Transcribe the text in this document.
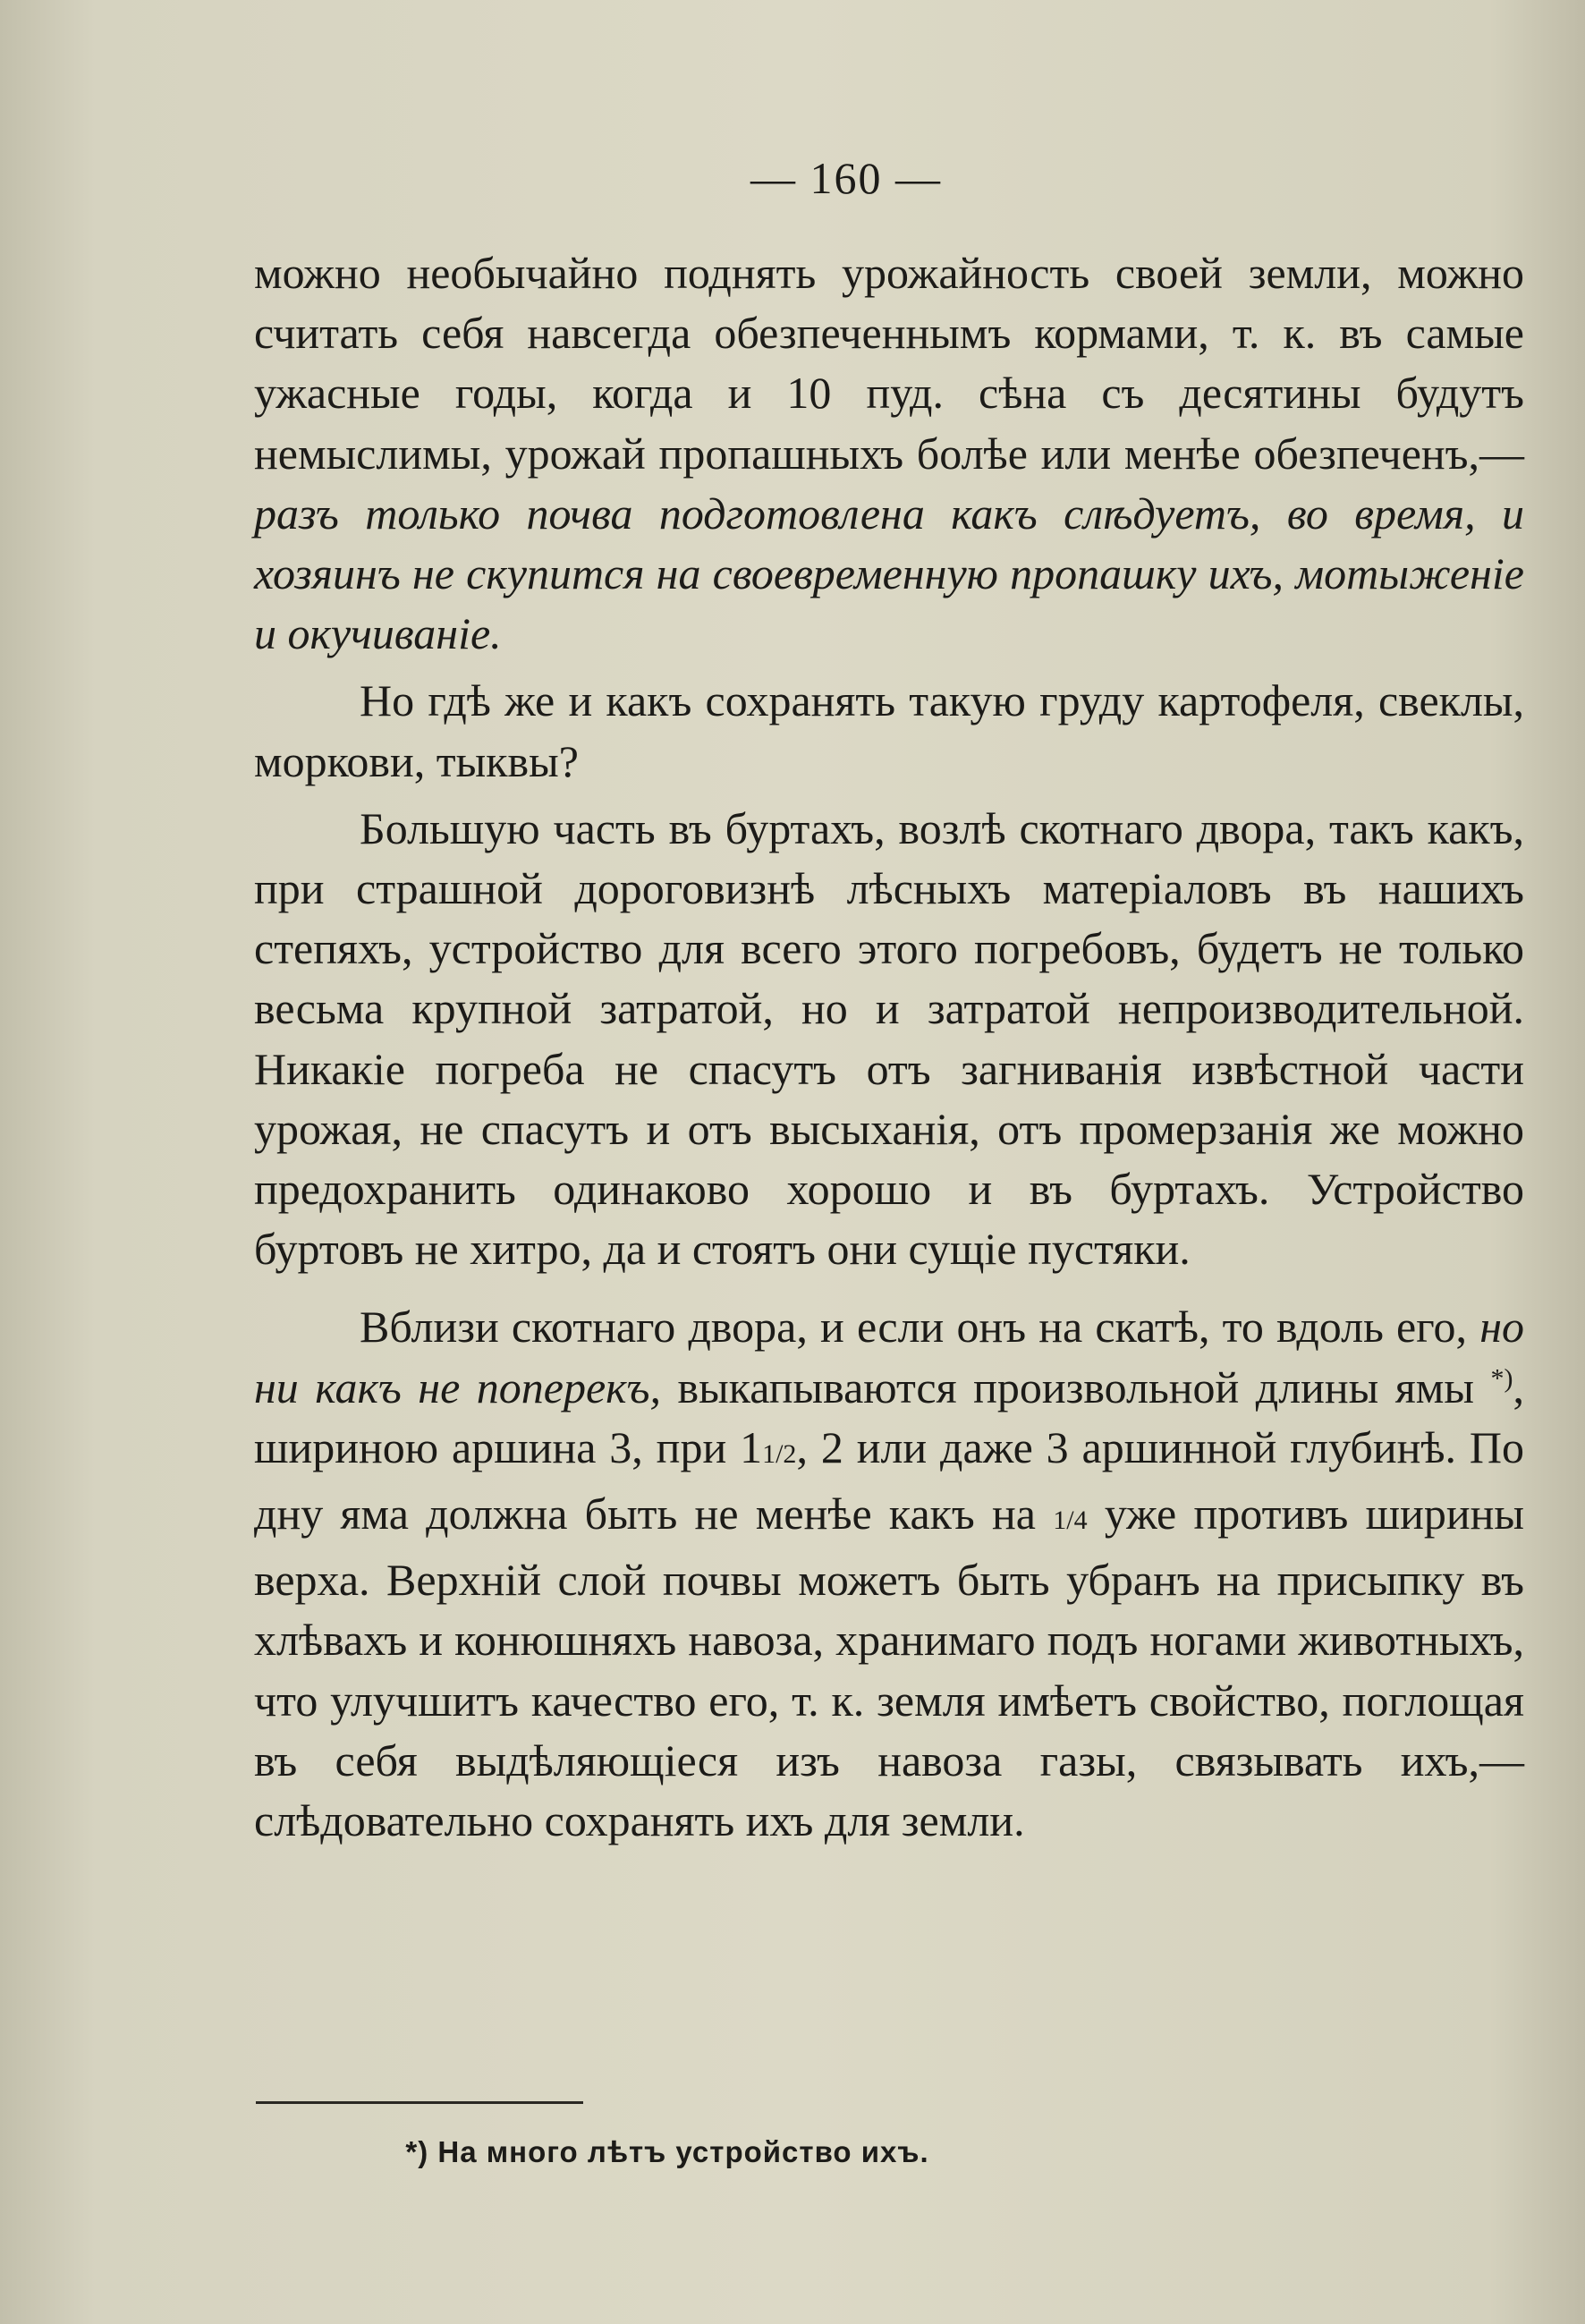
— 160 —

можно необычайно поднять урожайность своей земли, можно считать себя навсегда обезпеченнымъ кормами, т. к. въ самые ужасные годы, когда и 10 пуд. сѣна съ десятины будутъ немыслимы, урожай пропашныхъ болѣе или менѣе обезпеченъ,—разъ только почва подготовлена какъ слѣдуетъ, во время, и хозяинъ не скупится на своевременную пропашку ихъ, мотыженіе и окучиваніе.

Но гдѣ же и какъ сохранять такую груду картофеля, свеклы, моркови, тыквы?

Большую часть въ буртахъ, возлѣ скотнаго двора, такъ какъ, при страшной дороговизнѣ лѣсныхъ матеріаловъ въ нашихъ степяхъ, устройство для всего этого погребовъ, будетъ не только весьма крупной затратой, но и затратой непроизводительной. Никакіе погреба не спасутъ отъ загниванія извѣстной части урожая, не спасутъ и отъ высыханія, отъ промерзанія же можно предохранить одинаково хорошо и въ буртахъ. Устройство буртовъ не хитро, да и стоятъ они сущіе пустяки.

Вблизи скотнаго двора, и если онъ на скатѣ, то вдоль его, но ни какъ не поперекъ, выкапываются произвольной длины ямы *), шириною аршина 3, при 11/2, 2 или даже 3 аршинной глубинѣ. По дну яма должна быть не менѣе какъ на 1/4 уже противъ ширины верха. Верхній слой почвы можетъ быть убранъ на присыпку въ хлѣвахъ и конюшняхъ навоза, хранимаго подъ ногами животныхъ, что улучшитъ качество его, т. к. земля имѣетъ свойство, поглощая въ себя выдѣляющіеся изъ навоза газы, связывать ихъ,—слѣдовательно сохранять ихъ для земли.

*) На много лѣтъ устройство ихъ.
